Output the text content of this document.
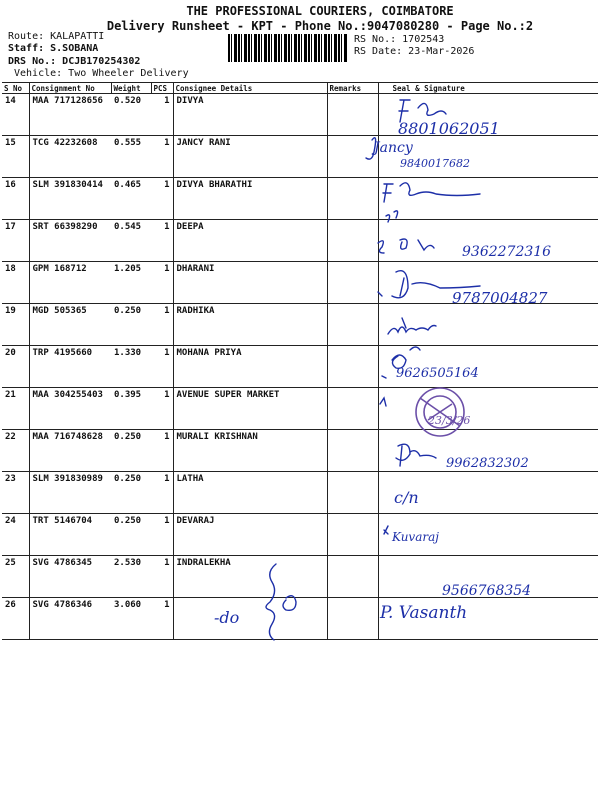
THE PROFESSIONAL COURIERS, COIMBATORE
Delivery Runsheet - KPT - Phone No.:9047080280 - Page No.:2
Route: KALAPATTI
Staff: S.SOBANA
DRS No.: DCJB170254302
Vehicle: Two Wheeler Delivery
RS No.: 1702543
RS Date: 23-Mar-2026
S No	Consignment No	Weight	PCS	Consignee Details	Remarks	Seal & Signature
14	MAA 717128656	0.520	1	DIVYA		
15	TCG 42232608	0.555	1	JANCY RANI		
16	SLM 391830414	0.465	1	DIVYA BHARATHI		
17	SRT 66398290	0.545	1	DEEPA		
18	GPM 168712	1.205	1	DHARANI		
19	MGD 505365	0.250	1	RADHIKA		
20	TRP 4195660	1.330	1	MOHANA PRIYA		
21	MAA 304255403	0.395	1	AVENUE SUPER MARKET		
22	MAA 716748628	0.250	1	MURALI KRISHNAN		
23	SLM 391830989	0.250	1	LATHA		
24	TRT 5146704	0.250	1	DEVARAJ		
25	SVG 4786345	2.530	1	INDRALEKHA		
26	SVG 4786346	3.060	1			
8801062051
Jancy
9840017682
9362272316
9787004827
9626505164
23/3/26
9962832302
c/n
Kuvaraj
-do
9566768354
P. Vasanth
